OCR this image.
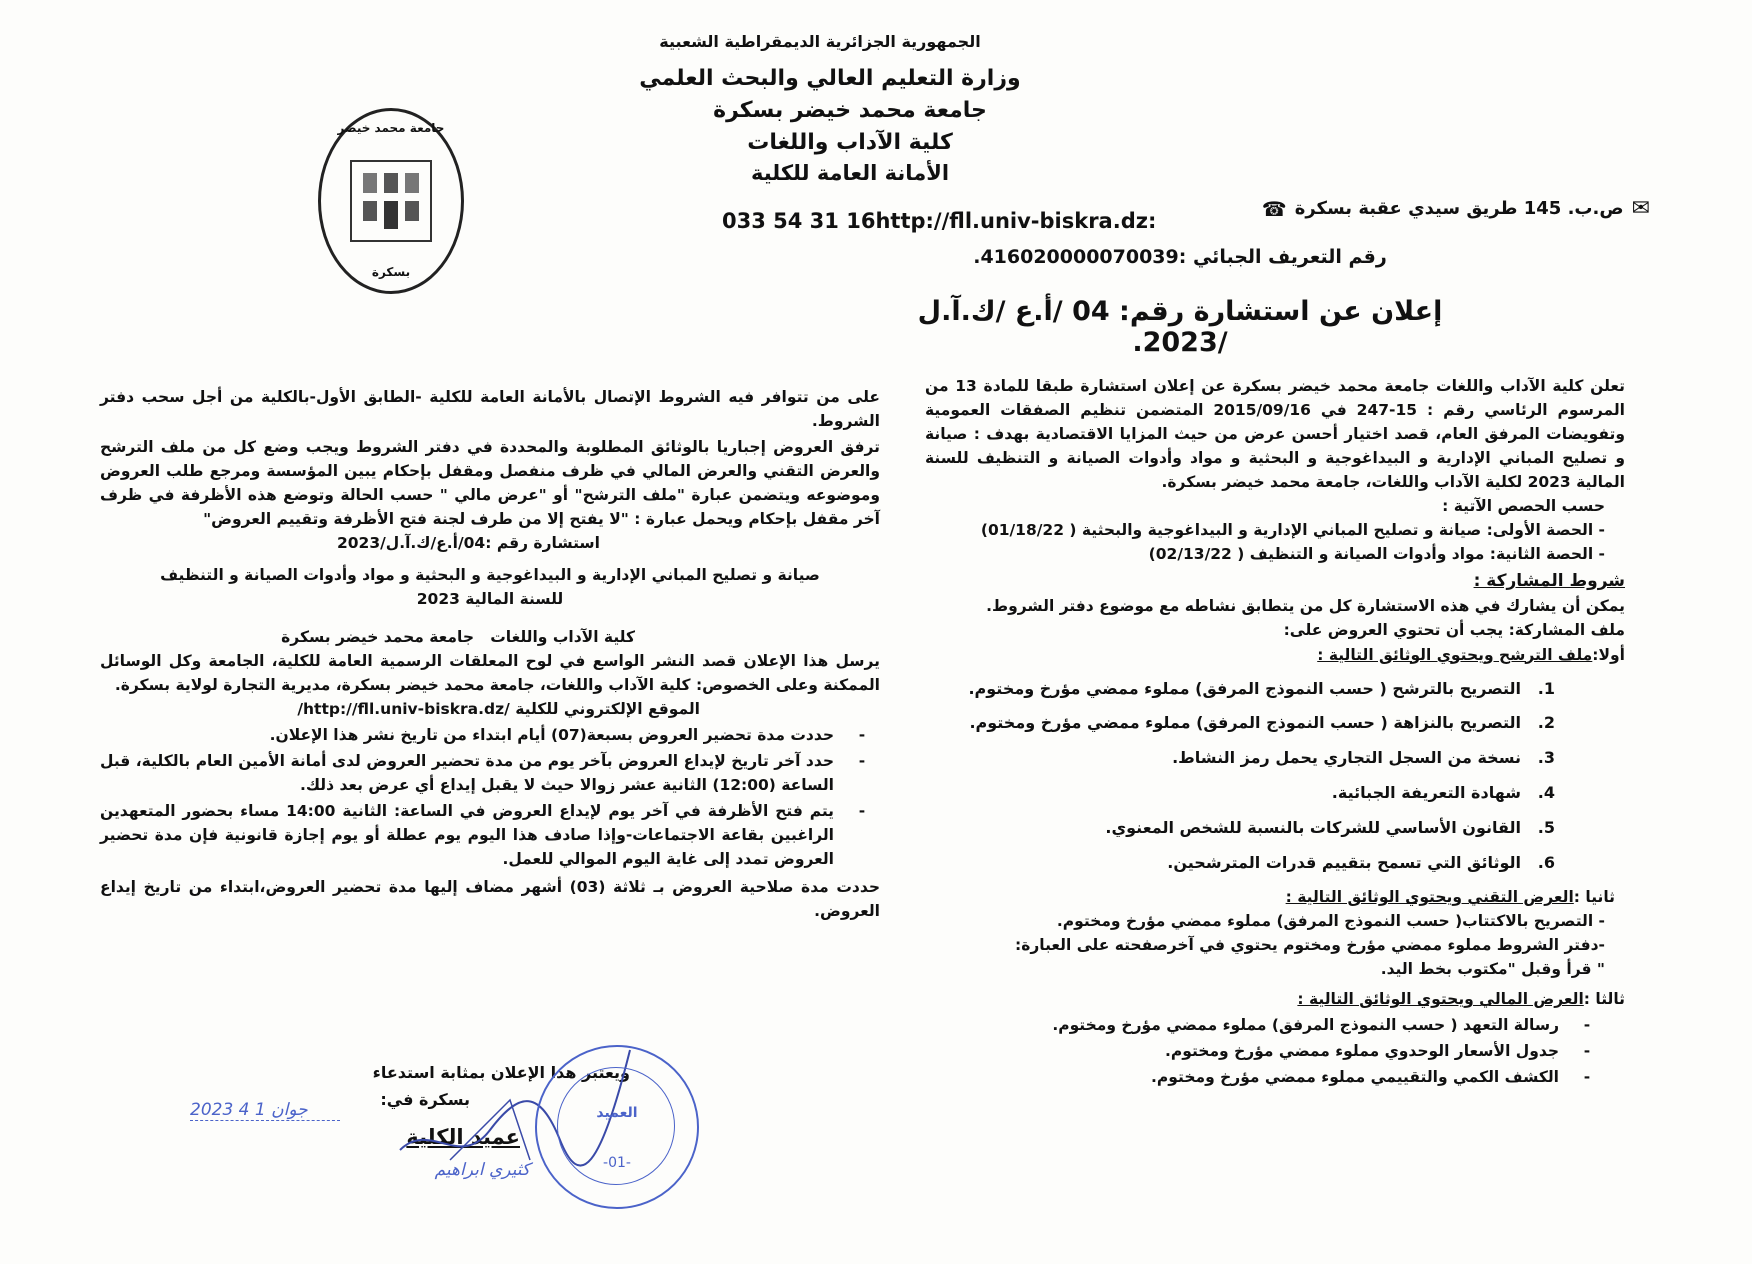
الجمهورية الجزائرية الديمقراطية الشعبية
وزارة التعليم العالي والبحث العلمي
جامعة محمد خيضر بسكرة
كلية الآداب واللغات
الأمانة العامة للكلية
✉
ص.ب. 145 طريق سيدي عقبة بسكرة
☎
033 54 31 16http://fll.univ-biskra.dz:
رقم التعريف الجبائي :416020000070039.
إعلان عن استشارة رقم: 04 /أ.ع /ك.آ.ل /2023.
جامعة محمد خيضر
بسكرة

تعلن كلية الآداب واللغات جامعة محمد خيضر بسكرة عن إعلان استشارة طبقا للمادة 13 من المرسوم الرئاسي رقم : 15-247 في 2015/09/16 المتضمن تنظيم الصفقات العمومية وتفويضات المرفق العام، قصد اختيار أحسن عرض من حيث المزايا الاقتصادية بهدف : صيانة و تصليح المباني الإدارية و البيداغوجية و البحثية و مواد وأدوات الصيانة و التنظيف للسنة المالية 2023 لكلية الآداب واللغات، جامعة محمد خيضر بسكرة.

حسب الحصص الآتية :

- الحصة الأولى: صيانة و تصليح المباني الإدارية و البيداغوجية والبحثية ( 01/18/22)

- الحصة الثانية: مواد وأدوات الصيانة و التنظيف ( 02/13/22)

شروط المشاركة :

يمكن أن يشارك في هذه الاستشارة كل من يتطابق نشاطه مع موضوع دفتر الشروط.

ملف المشاركة: يجب أن تحتوي العروض على:

أولا:ملف الترشح ويحتوي الوثائق التالية :

1.
التصريح بالترشح ( حسب النموذج المرفق) مملوء ممضي مؤرخ ومختوم.
2.
التصريح بالنزاهة ( حسب النموذج المرفق) مملوء ممضي مؤرخ ومختوم.
3.
نسخة من السجل التجاري يحمل رمز النشاط.
4.
شهادة التعريفة الجبائية.
5.
القانون الأساسي للشركات بالنسبة للشخص المعنوي.
6.
الوثائق التي تسمح بتقييم قدرات المترشحين.

ثانيا :العرض التقني ويحتوي الوثائق التالية :

- التصريح بالاكتتاب( حسب النموذج المرفق) مملوء ممضي مؤرخ ومختوم.

-دفتر الشروط مملوء ممضي مؤرخ ومختوم يحتوي في آخرصفحته على العبارة:

" قرأ وقبل "مكتوب بخط اليد.

ثالثا :العرض المالي ويحتوي الوثائق التالية :

-
رسالة التعهد ( حسب النموذج المرفق) مملوء ممضي مؤرخ ومختوم.
-
جدول الأسعار الوحدوي مملوء ممضي مؤرخ ومختوم.
-
الكشف الكمي والتقييمي مملوء ممضي مؤرخ ومختوم.

على من تتوافر فيه الشروط الإتصال بالأمانة العامة للكلية -الطابق الأول-بالكلية من أجل سحب دفتر الشروط.

ترفق العروض إجباريا بالوثائق المطلوبة والمحددة في دفتر الشروط ويجب وضع كل من ملف الترشح والعرض التقني والعرض المالي في ظرف منفصل ومقفل بإحكام يبين المؤسسة ومرجع طلب العروض وموضوعه ويتضمن عبارة "ملف الترشح" أو "عرض مالي " حسب الحالة وتوضع هذه الأظرفة في ظرف آخر مقفل بإحكام ويحمل عبارة : "لا يفتح إلا من طرف لجنة فتح الأظرفة وتقييم العروض"

استشارة رقم :04/أ.ع/ك.آ.ل/2023

صيانة و تصليح المباني الإدارية و البيداغوجية و البحثية و مواد وأدوات الصيانة و التنظيف للسنة المالية 2023

كلية الآداب واللغات   جامعة محمد خيضر بسكرة

يرسل هذا الإعلان قصد النشر الواسع في لوح المعلقات الرسمية العامة للكلية، الجامعة وكل الوسائل الممكنة وعلى الخصوص: كلية الآداب واللغات، جامعة محمد خيضر بسكرة، مديرية التجارة لولاية بسكرة.

الموقع الإلكتروني للكلية /http://fll.univ-biskra.dz/

-
حددت مدة تحضير العروض بسبعة(07) أيام ابتداء من تاريخ نشر هذا الإعلان.
-
حدد آخر تاريخ لإيداع العروض بآخر يوم من مدة تحضير العروض لدى أمانة الأمين العام بالكلية، قبل الساعة (12:00) الثانية عشر زوالا حيث لا يقبل إيداع أي عرض بعد ذلك.
-
يتم فتح الأظرفة في آخر يوم لإيداع العروض في الساعة: الثانية 14:00 مساء بحضور المتعهدين الراغبين بقاعة الاجتماعات-وإذا صادف هذا اليوم يوم عطلة أو يوم إجازة قانونية فإن مدة تحضير العروض تمدد إلى غاية اليوم الموالي للعمل.

حددت مدة صلاحية العروض بـ ثلاثة (03) أشهر مضاف إليها مدة تحضير العروض،ابتداء من تاريخ إيداع العروض.

ويعتبر هذا الإعلان بمثابة استدعاء
بسكرة في:
2023 جوان 1 4
عميد الكلية
كثيري ابراهيم
العميد
-01-
